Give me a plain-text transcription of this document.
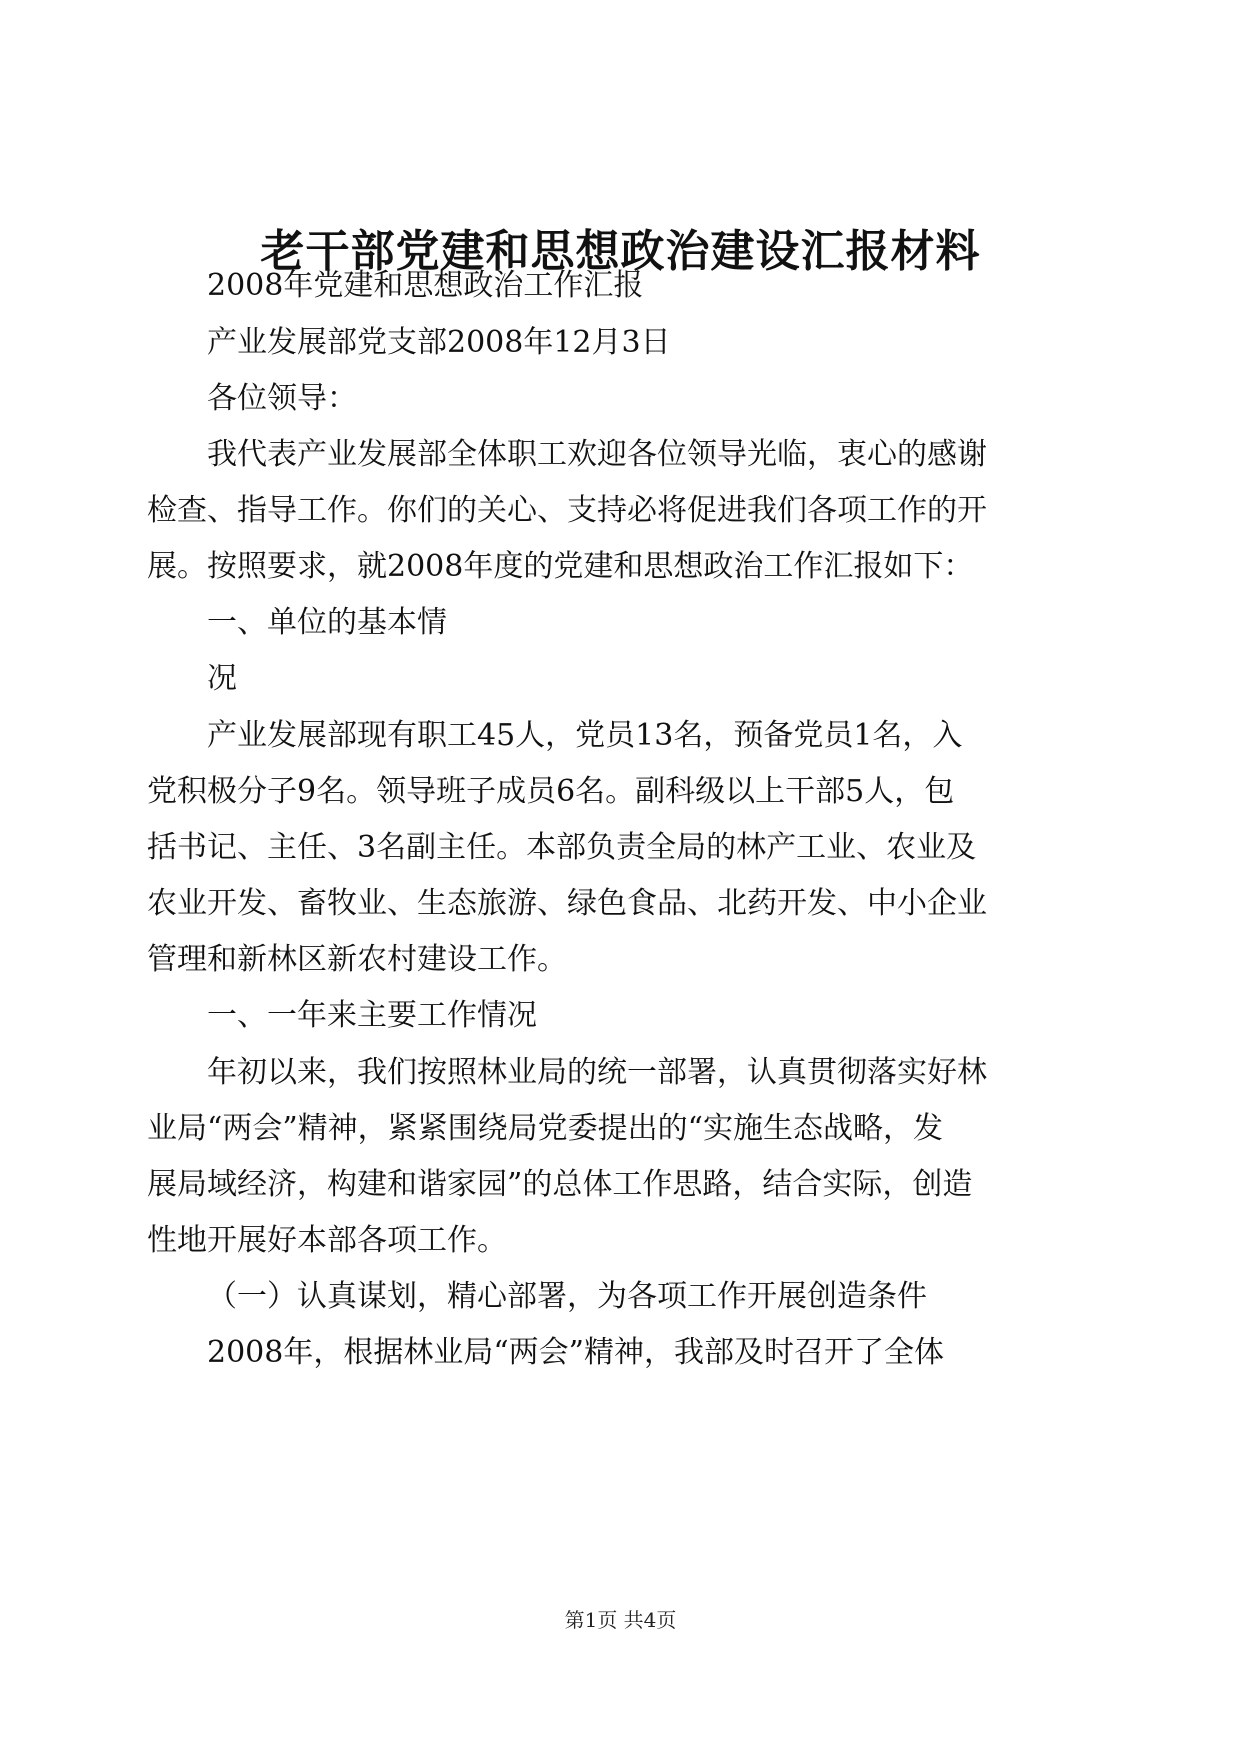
老干部党建和思想政治建设汇报材料
2008年党建和思想政治工作汇报
产业发展部党支部2008年12月3日
各位领导：
我代表产业发展部全体职工欢迎各位领导光临，衷心的感谢
检查、指导工作。你们的关心、支持必将促进我们各项工作的开
展。按照要求，就2008年度的党建和思想政治工作汇报如下：
一、单位的基本情
况
产业发展部现有职工45人，党员13名，预备党员1名，入
党积极分子9名。领导班子成员6名。副科级以上干部5人，包
括书记、主任、3名副主任。本部负责全局的林产工业、农业及
农业开发、畜牧业、生态旅游、绿色食品、北药开发、中小企业
管理和新林区新农村建设工作。
一、一年来主要工作情况
年初以来，我们按照林业局的统一部署，认真贯彻落实好林
业局“两会”精神，紧紧围绕局党委提出的“实施生态战略，发
展局域经济，构建和谐家园”的总体工作思路，结合实际，创造
性地开展好本部各项工作。
（一）认真谋划，精心部署，为各项工作开展创造条件
2008年，根据林业局“两会”精神，我部及时召开了全体
第1页 共4页
